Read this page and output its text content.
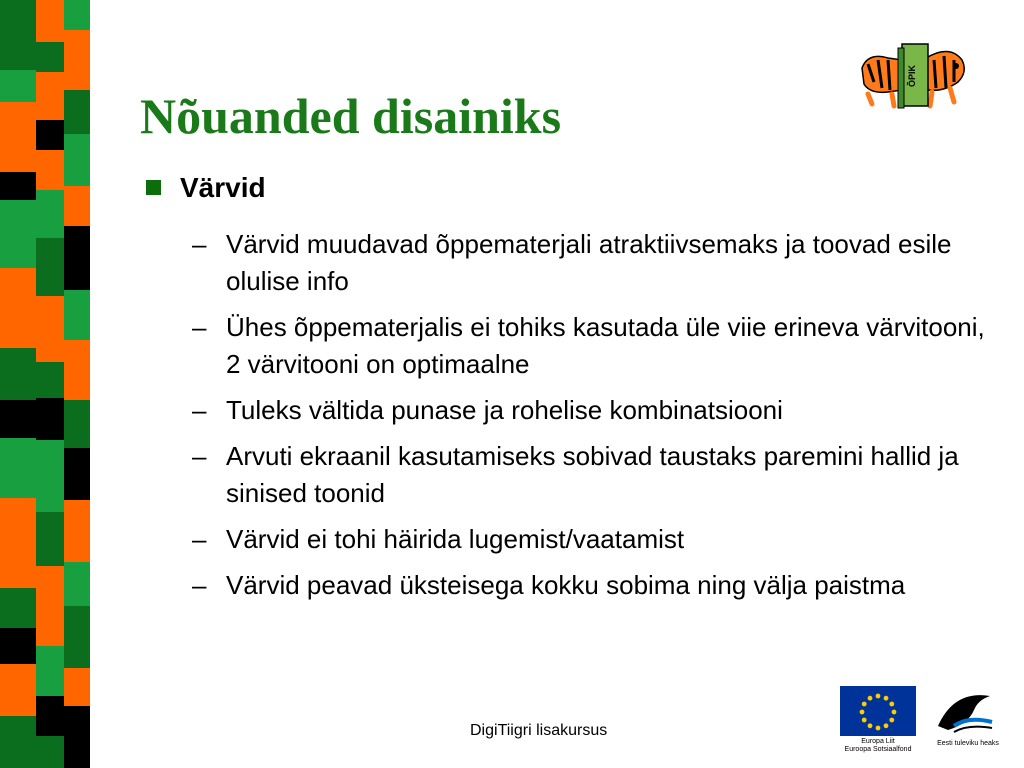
Nõuanded disainiks
ÕPIK
Värvid
– Värvid muudavad õppematerjali atraktiivsemaks ja toovad esile olulise info
– Ühes õppematerjalis ei tohiks kasutada üle viie erineva värvitooni, 2 värvitooni on optimaalne
– Tuleks vältida punase ja rohelise kombinatsiooni
– Arvuti ekraanil kasutamiseks sobivad taustaks paremini hallid ja sinised toonid
– Värvid ei tohi häirida lugemist/vaatamist
– Värvid peavad üksteisega kokku sobima ning välja paistma
DigiTiigri lisakursus
Europa Liit
Euroopa Sotsiaalfond
Eesti tuleviku heaks
